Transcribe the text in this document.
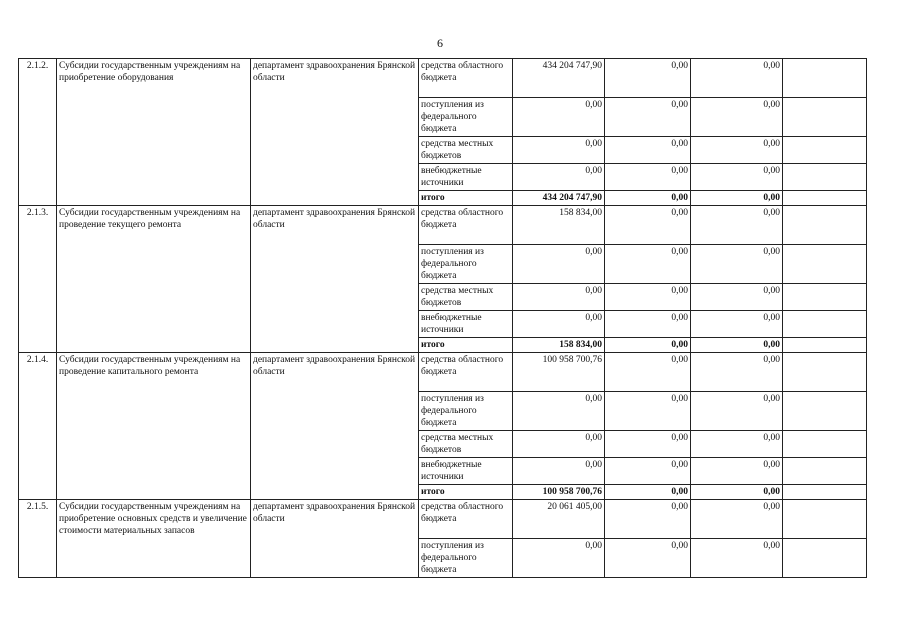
6
2.1.2.	Субсидии государственным учреждениям на приобретение оборудования	департамент здравоохранения Брянской области	средства областного бюджета	434 204 747,90	0,00	0,00	
			поступления из федерального бюджета	0,00	0,00	0,00	
			средства местных бюджетов	0,00	0,00	0,00	
			внебюджетные источники	0,00	0,00	0,00	
			итого	434 204 747,90	0,00	0,00	
2.1.3.	Субсидии государственным учреждениям на проведение текущего ремонта	департамент здравоохранения Брянской области	средства областного бюджета	158 834,00	0,00	0,00	
			поступления из федерального бюджета	0,00	0,00	0,00	
			средства местных бюджетов	0,00	0,00	0,00	
			внебюджетные источники	0,00	0,00	0,00	
			итого	158 834,00	0,00	0,00	
2.1.4.	Субсидии государственным учреждениям на проведение капитального ремонта	департамент здравоохранения Брянской области	средства областного бюджета	100 958 700,76	0,00	0,00	
			поступления из федерального бюджета	0,00	0,00	0,00	
			средства местных бюджетов	0,00	0,00	0,00	
			внебюджетные источники	0,00	0,00	0,00	
			итого	100 958 700,76	0,00	0,00	
2.1.5.	Субсидии государственным учреждениям на приобретение основных средств и увеличение стоимости материальных запасов	департамент здравоохранения Брянской области	средства областного бюджета	20 061 405,00	0,00	0,00	
			поступления из федерального бюджета	0,00	0,00	0,00	
